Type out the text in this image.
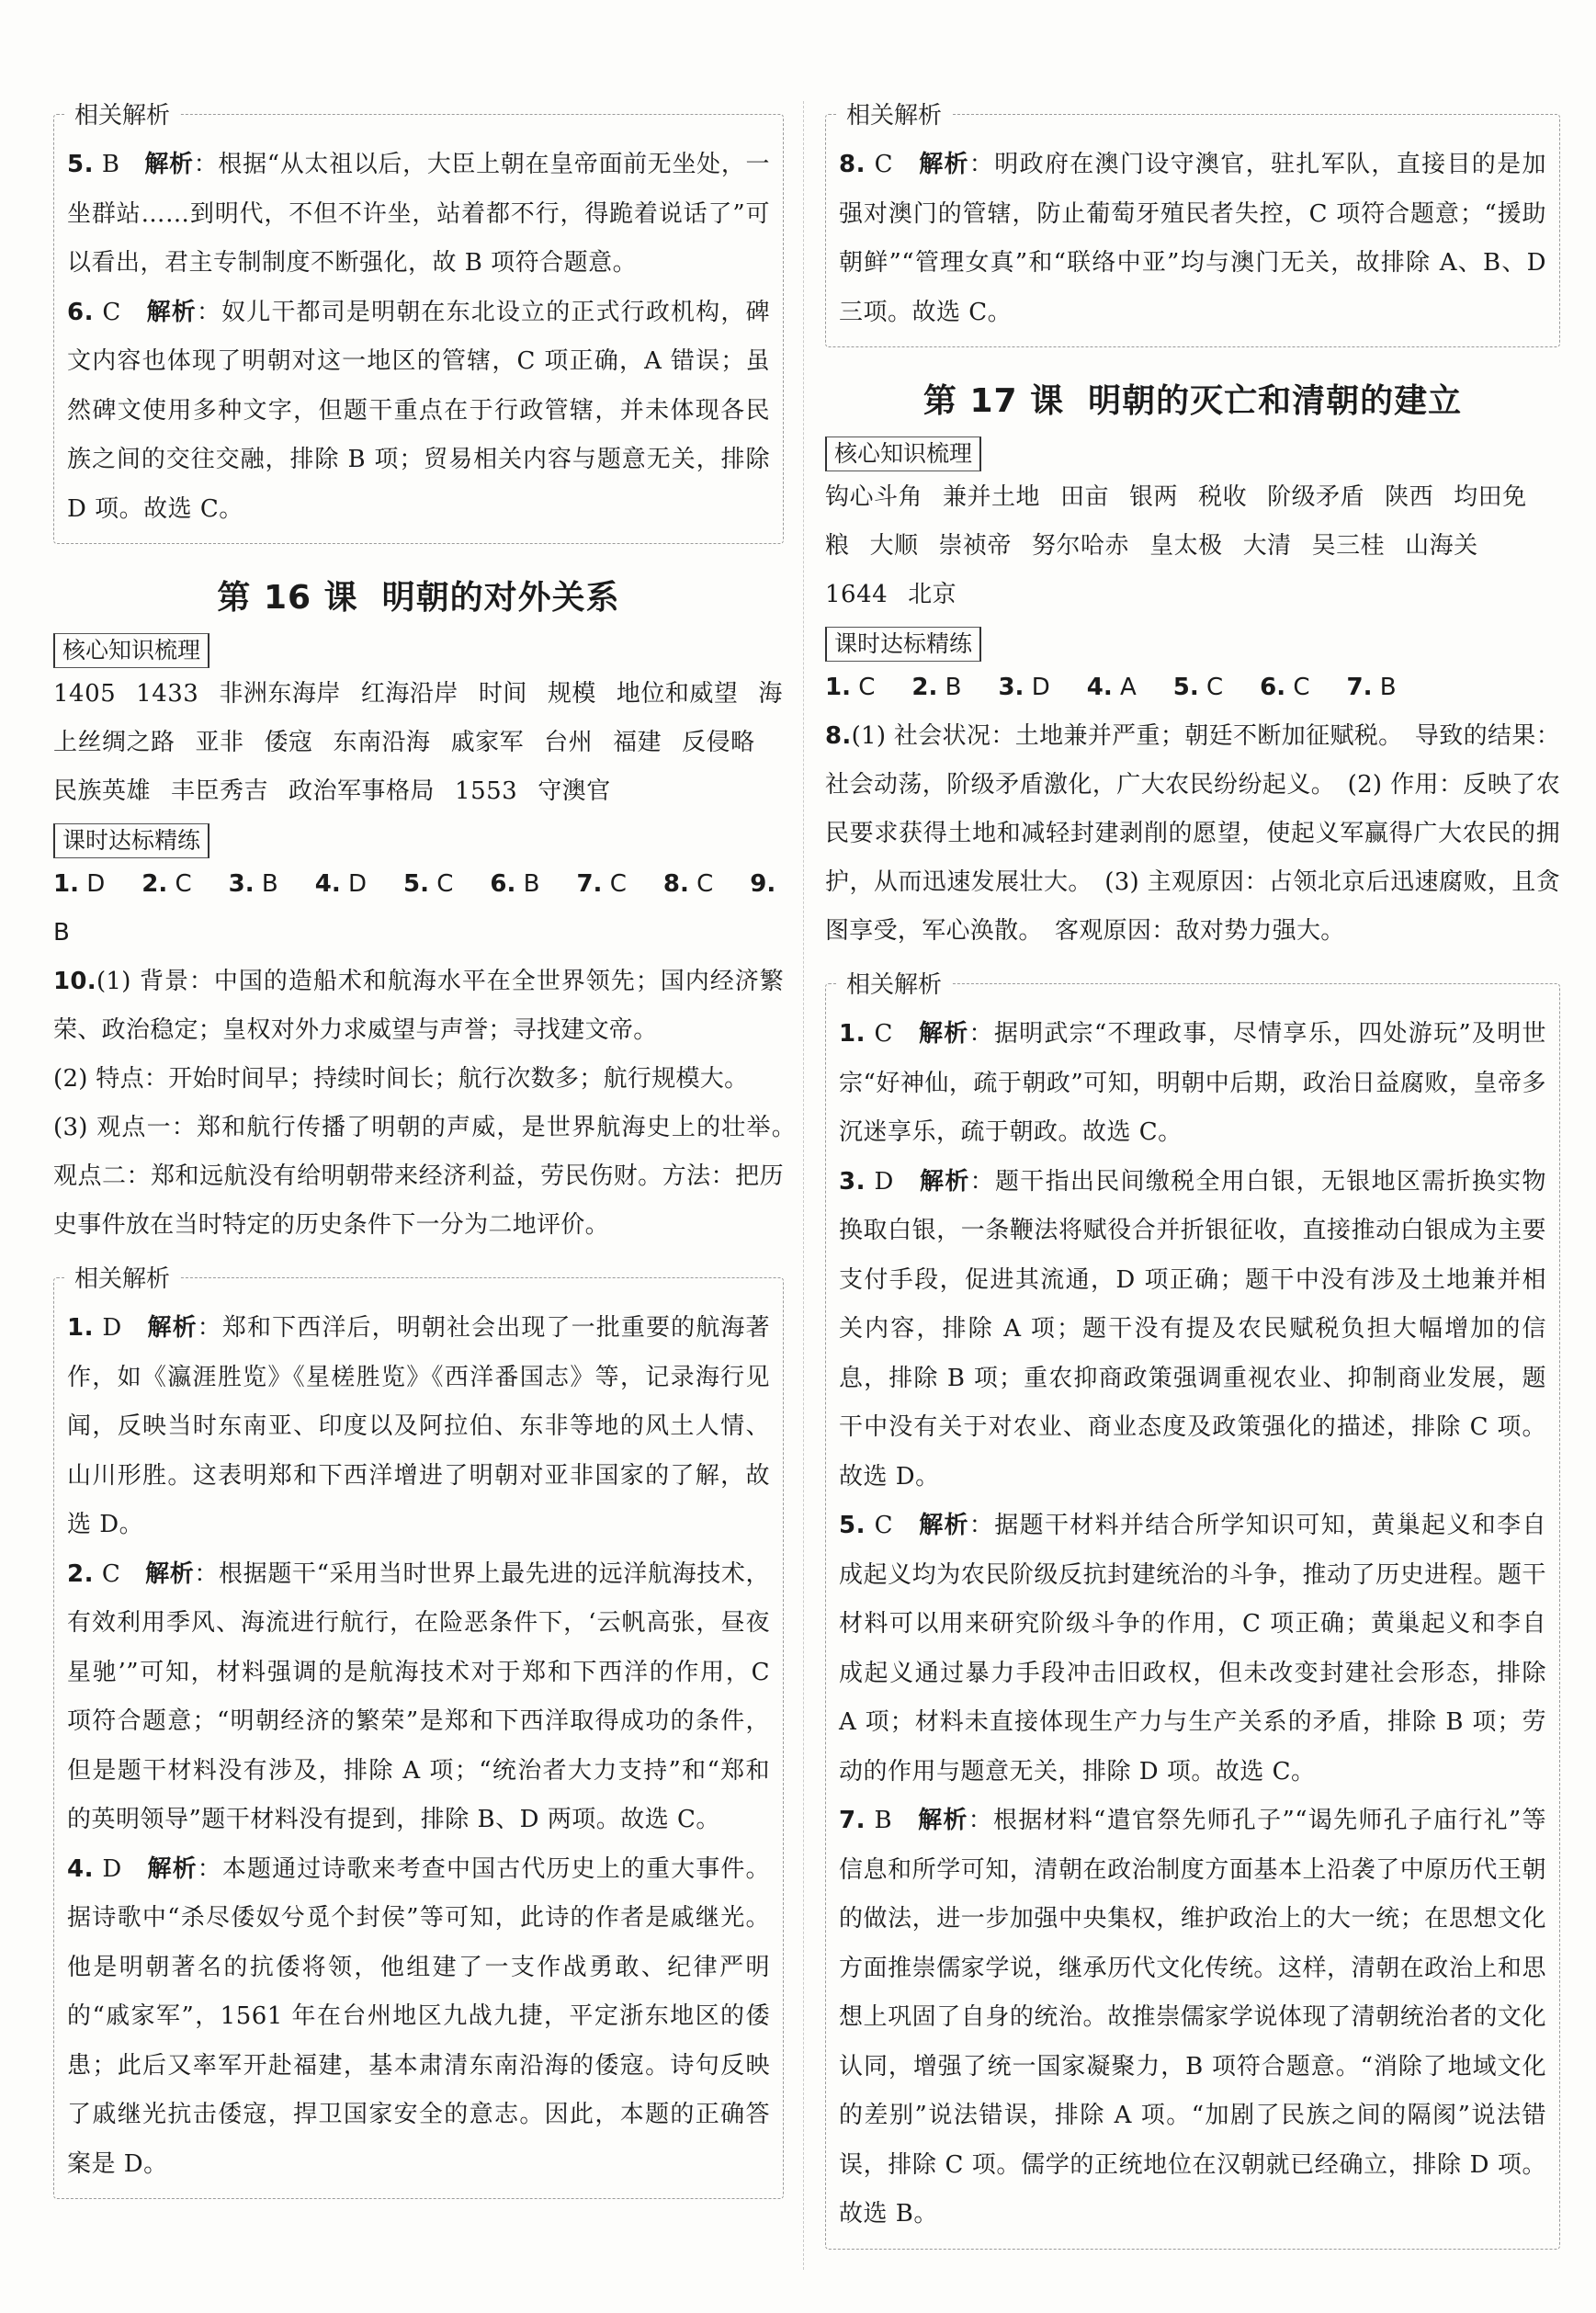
相关解析

5. B　 解析：根据“从太祖以后，大臣上朝在皇帝面前无坐处，一坐群站……到明代，不但不许坐，站着都不行，得跪着说话了”可以看出，君主专制制度不断强化，故 B 项符合题意。

6. C　 解析：奴儿干都司是明朝在东北设立的正式行政机构，碑文内容也体现了明朝对这一地区的管辖，C 项正确，A 错误；虽然碑文使用多种文字，但题干重点在于行政管辖，并未体现各民族之间的交往交融，排除 B 项；贸易相关内容与题意无关，排除 D 项。故选 C。

第 16 课 明朝的对外关系
核心知识梳理
1405 1433 非洲东海岸 红海沿岸 时间 规模 地位和威望 海上丝绸之路 亚非 倭寇 东南沿海 戚家军 台州 福建 反侵略民族英雄 丰臣秀吉 政治军事格局 1553 守澳官
课时达标精练
1. D 2. C 3. B 4. D 5. C 6. B 7. C 8. C 9. B

10.(1) 背景：中国的造船术和航海水平在全世界领先；国内经济繁荣、政治稳定；皇权对外力求威望与声誉；寻找建文帝。

(2) 特点：开始时间早；持续时间长；航行次数多；航行规模大。

(3) 观点一：郑和航行传播了明朝的声威，是世界航海史上的壮举。　观点二：郑和远航没有给明朝带来经济利益，劳民伤财。方法：把历史事件放在当时特定的历史条件下一分为二地评价。

相关解析

1. D　 解析：郑和下西洋后，明朝社会出现了一批重要的航海著作，如《瀛涯胜览》《星槎胜览》《西洋番国志》等，记录海行见闻，反映当时东南亚、印度以及阿拉伯、东非等地的风土人情、山川形胜。这表明郑和下西洋增进了明朝对亚非国家的了解，故选 D。

2. C　 解析：根据题干“采用当时世界上最先进的远洋航海技术，有效利用季风、海流进行航行，在险恶条件下，‘云帆高张，昼夜星驰’”可知，材料强调的是航海技术对于郑和下西洋的作用，C 项符合题意；“明朝经济的繁荣”是郑和下西洋取得成功的条件，但是题干材料没有涉及，排除 A 项；“统治者大力支持”和“郑和的英明领导”题干材料没有提到，排除 B、D 两项。故选 C。

4. D　 解析：本题通过诗歌来考查中国古代历史上的重大事件。据诗歌中“杀尽倭奴兮觅个封侯”等可知，此诗的作者是戚继光。他是明朝著名的抗倭将领，他组建了一支作战勇敢、纪律严明的“戚家军”，1561 年在台州地区九战九捷，平定浙东地区的倭患；此后又率军开赴福建，基本肃清东南沿海的倭寇。诗句反映了戚继光抗击倭寇，捍卫国家安全的意志。因此，本题的正确答案是 D。

相关解析

8. C　 解析：明政府在澳门设守澳官，驻扎军队，直接目的是加强对澳门的管辖，防止葡萄牙殖民者失控，C 项符合题意；“援助朝鲜”“管理女真”和“联络中亚”均与澳门无关，故排除 A、B、D 三项。故选 C。

第 17 课 明朝的灭亡和清朝的建立
核心知识梳理
钩心斗角 兼并土地 田亩 银两 税收 阶级矛盾 陕西 均田免粮 大顺 崇祯帝 努尔哈赤 皇太极 大清 吴三桂 山海关1644 北京
课时达标精练
1. C 2. B 3. D 4. A 5. C 6. C 7. B

8.(1) 社会状况：土地兼并严重；朝廷不断加征赋税。　导致的结果：社会动荡，阶级矛盾激化，广大农民纷纷起义。　(2) 作用：反映了农民要求获得土地和减轻封建剥削的愿望，使起义军赢得广大农民的拥护，从而迅速发展壮大。　(3) 主观原因：占领北京后迅速腐败，且贪图享受，军心涣散。　客观原因：敌对势力强大。

相关解析

1. C　 解析：据明武宗“不理政事，尽情享乐，四处游玩”及明世宗“好神仙，疏于朝政”可知，明朝中后期，政治日益腐败，皇帝多沉迷享乐，疏于朝政。故选 C。

3. D　 解析：题干指出民间缴税全用白银，无银地区需折换实物换取白银，一条鞭法将赋役合并折银征收，直接推动白银成为主要支付手段，促进其流通，D 项正确；题干中没有涉及土地兼并相关内容，排除 A 项；题干没有提及农民赋税负担大幅增加的信息，排除 B 项；重农抑商政策强调重视农业、抑制商业发展，题干中没有关于对农业、商业态度及政策强化的描述，排除 C 项。故选 D。

5. C　 解析：据题干材料并结合所学知识可知，黄巢起义和李自成起义均为农民阶级反抗封建统治的斗争，推动了历史进程。题干材料可以用来研究阶级斗争的作用，C 项正确；黄巢起义和李自成起义通过暴力手段冲击旧政权，但未改变封建社会形态，排除 A 项；材料未直接体现生产力与生产关系的矛盾，排除 B 项；劳动的作用与题意无关，排除 D 项。故选 C。

7. B　 解析：根据材料“遣官祭先师孔子”“谒先师孔子庙行礼”等信息和所学可知，清朝在政治制度方面基本上沿袭了中原历代王朝的做法，进一步加强中央集权，维护政治上的大一统；在思想文化方面推崇儒家学说，继承历代文化传统。这样，清朝在政治上和思想上巩固了自身的统治。故推崇儒家学说体现了清朝统治者的文化认同，增强了统一国家凝聚力，B 项符合题意。“消除了地域文化的差别”说法错误，排除 A 项。“加剧了民族之间的隔阂”说法错误，排除 C 项。儒学的正统地位在汉朝就已经确立，排除 D 项。故选 B。
